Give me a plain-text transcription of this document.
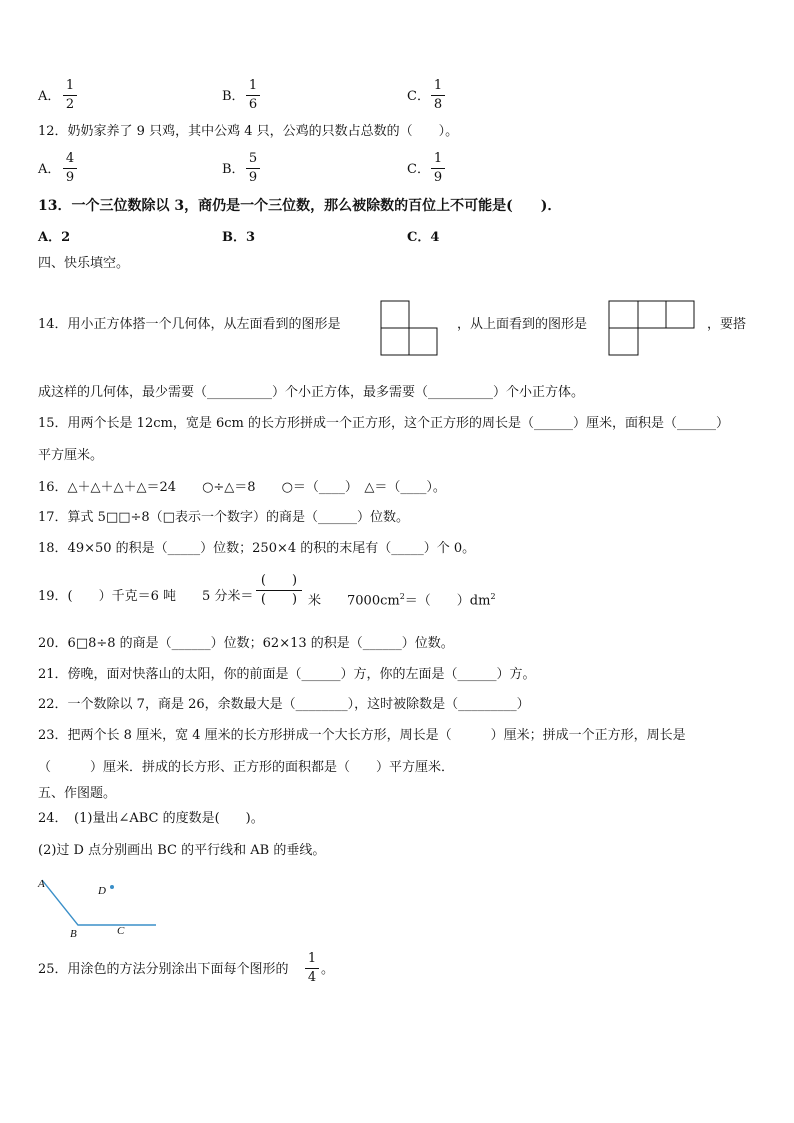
A．
1
2
B．
1
6
C．
1
8
12．奶奶家养了 9 只鸡，其中公鸡 4 只，公鸡的只数占总数的（　　）。
A．
4
9
B．
5
9
C．
1
9
13．一个三位数除以 3，商仍是一个三位数，那么被除数的百位上不可能是(　　)．
A．2	B．3	C．4
四、快乐填空。
14．用小正方体搭一个几何体，从左面看到的图形是	，从上面看到的图形是	，要搭
成这样的几何体，最少需要（__________）个小正方体，最多需要（__________）个小正方体。
15．用两个长是 12cm，宽是 6cm 的长方形拼成一个正方形，这个正方形的周长是（______）厘米，面积是（______）
平方厘米。
16．△＋△＋△＋△＝24　　○÷△＝8　　○＝（____）　△＝（____）。
17．算式 5□□÷8（□表示一个数字）的商是（______）位数。
18．49×50 的积是（_____）位数；250×4 的积的末尾有（_____）个 0。
19．(　　）千克＝6 吨　　5 分米＝
(　　)
(　　) 米　　$7000cm^2=$（　　）$dm^2$
20．6□8÷8 的商是（______）位数；62×13 的积是（______）位数。
21．傍晚，面对快落山的太阳，你的前面是（______）方，你的左面是（______）方。
22．一个数除以 7，商是 26，余数最大是（________），这时被除数是（_________）
23．把两个长 8 厘米，宽 4 厘米的长方形拼成一个大长方形，周长是（　　　）厘米；拼成一个正方形，周长是
（　　　）厘米．拼成的长方形、正方形的面积都是（　　）平方厘米．
五、作图题。
24．　(1)量出∠ABC 的度数是(　　)。
(2)过 D 点分别画出 BC 的平行线和 AB 的垂线。
A
B	C
D
25．用涂色的方法分别涂出下面每个图形的
1
4
。
